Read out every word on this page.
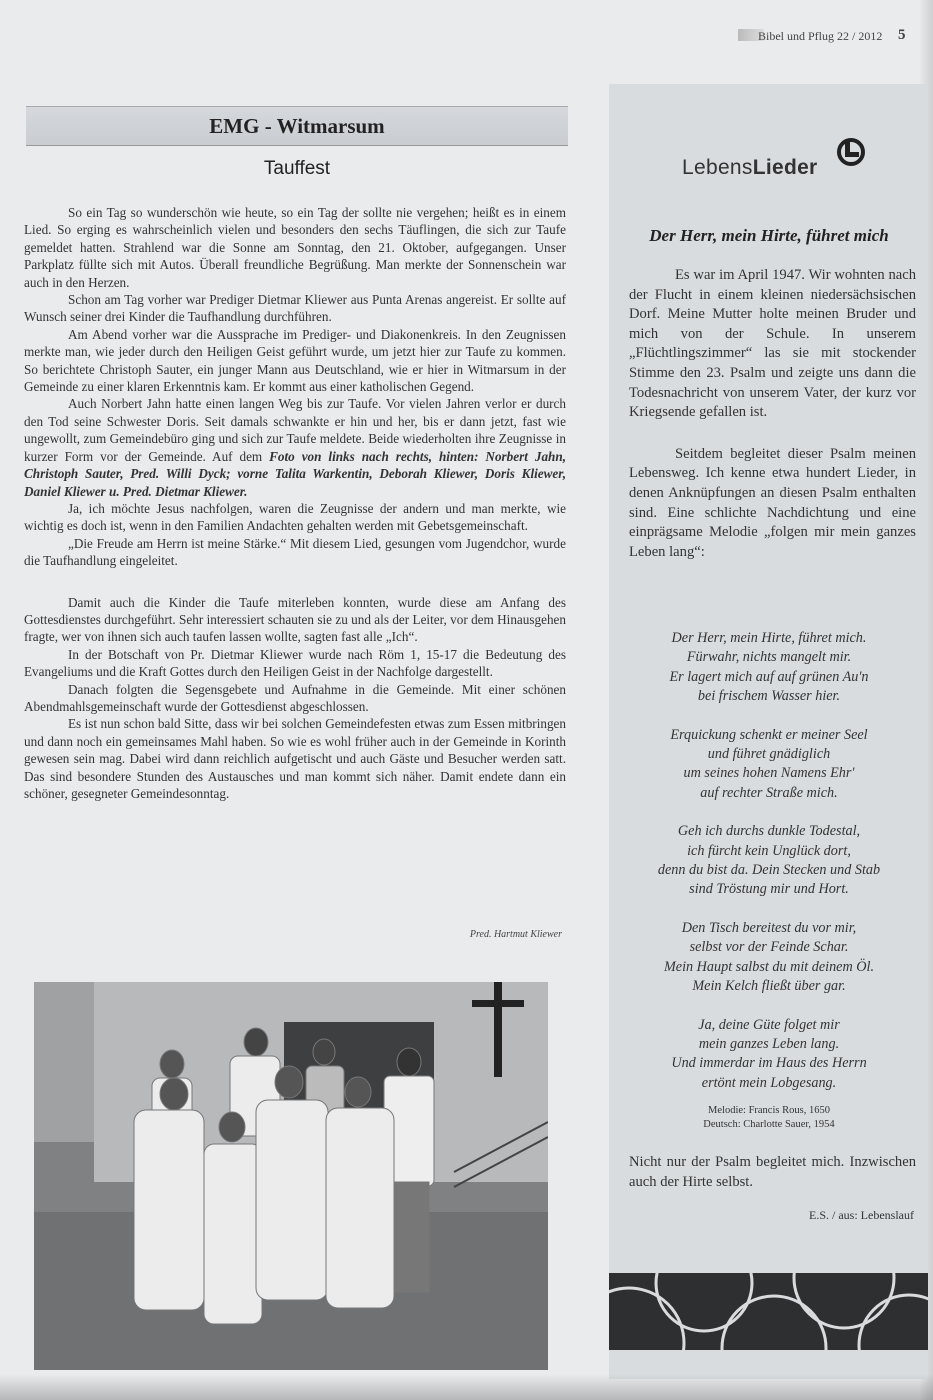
Bibel und Pflug 22 / 2012 5
EMG - Witmarsum
Tauffest

So ein Tag so wunderschön wie heute, so ein Tag der sollte nie vergehen; heißt es in einem Lied. So erging es wahrscheinlich vielen und besonders den sechs Täuflingen, die sich zur Taufe gemeldet hatten. Strahlend war die Sonne am Sonntag, den 21. Oktober, aufgegangen. Unser Parkplatz füllte sich mit Autos. Überall freundliche Begrüßung. Man merkte der Sonnenschein war auch in den Herzen.

Schon am Tag vorher war Prediger Dietmar Kliewer aus Punta Arenas angereist. Er sollte auf Wunsch seiner drei Kinder die Taufhandlung durchführen.

Am Abend vorher war die Aussprache im Prediger- und Diakonenkreis. In den Zeugnissen merkte man, wie jeder durch den Heiligen Geist geführt wurde, um jetzt hier zur Taufe zu kommen. So berichtete Christoph Sauter, ein junger Mann aus Deutschland, wie er hier in Witmarsum in der Gemeinde zu einer klaren Erkenntnis kam. Er kommt aus einer katholischen Gegend.

Auch Norbert Jahn hatte einen langen Weg bis zur Taufe. Vor vielen Jahren verlor er durch den Tod seine Schwester Doris. Seit damals schwankte er hin und her, bis er dann jetzt, fast wie ungewollt, zum Gemeindebüro ging und sich zur Taufe meldete. Beide wiederholten ihre Zeugnisse in kurzer Form vor der Gemeinde. Auf dem Foto von links nach rechts, hinten: Norbert Jahn, Christoph Sauter, Pred. Willi Dyck; vorne Talita Warkentin, Deborah Kliewer, Doris Kliewer, Daniel Kliewer u. Pred. Dietmar Kliewer.

Ja, ich möchte Jesus nachfolgen, waren die Zeugnisse der andern und man merkte, wie wichtig es doch ist, wenn in den Familien Andachten gehalten werden mit Gebetsgemeinschaft.

„Die Freude am Herrn ist meine Stärke.“ Mit diesem Lied, gesungen vom Jugendchor, wurde die Taufhandlung eingeleitet.

Damit auch die Kinder die Taufe miterleben konnten, wurde diese am Anfang des Gottesdienstes durchgeführt. Sehr interessiert schauten sie zu und als der Leiter, vor dem Hinausgehen fragte, wer von ihnen sich auch taufen lassen wollte, sagten fast alle „Ich“.

In der Botschaft von Pr. Dietmar Kliewer wurde nach Röm 1, 15-17 die Bedeutung des Evangeliums und die Kraft Gottes durch den Heiligen Geist in der Nachfolge dargestellt.

Danach folgten die Segensgebete und Aufnahme in die Gemeinde. Mit einer schönen Abendmahlsgemeinschaft wurde der Gottesdienst abgeschlossen.

Es ist nun schon bald Sitte, dass wir bei solchen Gemeindefesten etwas zum Essen mitbringen und dann noch ein gemeinsames Mahl haben. So wie es wohl früher auch in der Gemeinde in Korinth gewesen sein mag. Dabei wird dann reichlich aufgetischt und auch Gäste und Besucher werden satt. Das sind besondere Stunden des Austausches und man kommt sich näher. Damit endete dann ein schöner, gesegneter Gemeindesonntag.

Pred. Hartmut Kliewer
LebensLieder
Der Herr, mein Hirte, führet mich

Es war im April 1947. Wir wohnten nach der Flucht in einem kleinen niedersächsischen Dorf. Meine Mutter holte meinen Bruder und mich von der Schule. In unserem „Flüchtlingszimmer“ las sie mit stockender Stimme den 23. Psalm und zeigte uns dann die Todesnachricht von unserem Vater, der kurz vor Kriegsende gefallen ist.

Seitdem begleitet dieser Psalm meinen Lebensweg. Ich kenne etwa hundert Lieder, in denen Anknüpfungen an diesen Psalm enthalten sind. Eine schlichte Nachdichtung und eine einprägsame Melodie „folgen mir mein ganzes Leben lang“:

Der Herr, mein Hirte, führet mich.
Fürwahr, nichts mangelt mir.
Er lagert mich auf auf grünen Au'n
bei frischem Wasser hier.
Erquickung schenkt er meiner Seel
und führet gnädiglich
um seines hohen Namens Ehr'
auf rechter Straße mich.
Geh ich durchs dunkle Todestal,
ich fürcht kein Unglück dort,
denn du bist da. Dein Stecken und Stab
sind Tröstung mir und Hort.
Den Tisch bereitest du vor mir,
selbst vor der Feinde Schar.
Mein Haupt salbst du mit deinem Öl.
Mein Kelch fließt über gar.
Ja, deine Güte folget mir
mein ganzes Leben lang.
Und immerdar im Haus des Herrn
ertönt mein Lobgesang.
Melodie: Francis Rous, 1650
Deutsch: Charlotte Sauer, 1954

Nicht nur der Psalm begleitet mich. Inzwischen auch der Hirte selbst.

E.S. / aus: Lebenslauf
